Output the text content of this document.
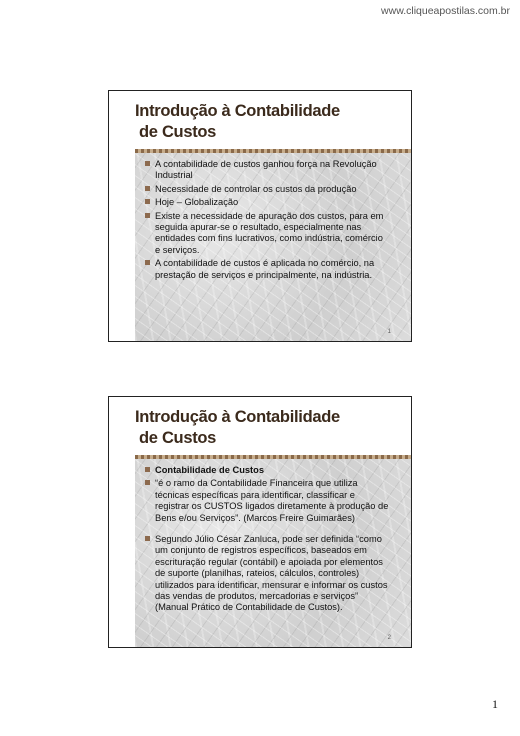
www.cliqueapostilas.com.br
Introdução à Contabilidade
de Custos
A contabilidade de custos ganhou força na Revolução Industrial
Necessidade de controlar os custos da produção
Hoje – Globalização
Existe a necessidade de apuração dos custos, para em seguida apurar-se o resultado, especialmente nas entidades com fins lucrativos, como indústria, comércio e serviços.
A contabilidade de custos é aplicada no comércio, na prestação de serviços e principalmente, na indústria.
1
Introdução à Contabilidade
de Custos
Contabilidade de Custos
“é o ramo da Contabilidade Financeira que utiliza técnicas específicas para identificar, classificar e registrar os CUSTOS ligados diretamente à produção de Bens e/ou Serviços”. (Marcos Freire Guimarães)
Segundo Júlio César Zanluca, pode ser definida “como um conjunto de registros específicos, baseados em escrituração regular (contábil) e apoiada por elementos de suporte (planilhas, rateios, cálculos, controles) utilizados para identificar, mensurar e informar os custos das vendas de produtos, mercadorias e serviços” (Manual Prático de Contabilidade de Custos).
2
1
